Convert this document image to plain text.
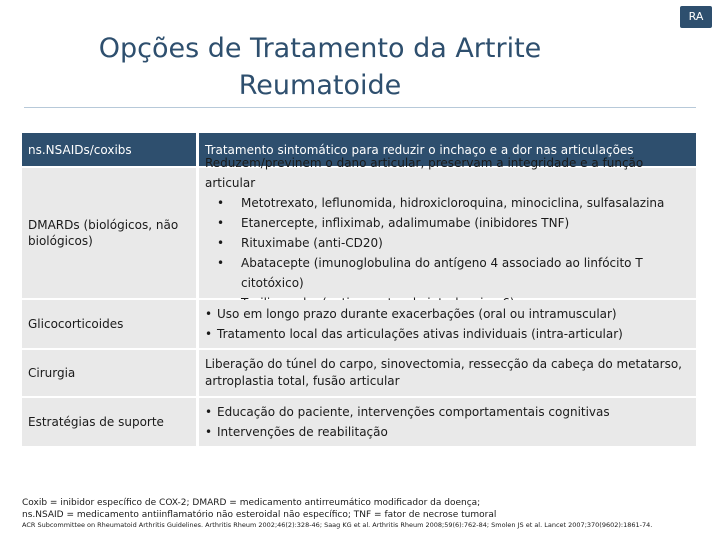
RA
Opções de Tratamento da Artrite
Reumatoide
ns.NSAIDs/coxibs	Tratamento sintomático para reduzir o inchaço e a dor nas articulações
DMARDs (biológicos, não biológicos)
Reduzem/previnem o dano articular, preservam a integridade e a função articular
• Metotrexato, leflunomida, hidroxicloroquina, minociclina, sulfasalazina
• Etanercepte, infliximab, adalimumabe (inibidores TNF)
• Rituximabe (anti-CD20)
• Abatacepte (imunoglobulina do antígeno 4 associado ao linfócito T citotóxico)
•
Glicocorticoides
• Uso em longo prazo durante exacerbações (oral ou intramuscular)
• Tratamento local das articulações ativas individuais (intra-articular)
Cirurgia
Liberação do túnel do carpo, sinovectomia, ressecção da cabeça do metatarso, artroplastia total, fusão articular
Estratégias de suporte
• Educação do paciente, intervenções comportamentais cognitivas
• Intervenções de reabilitação
Coxib = inibidor específico de COX-2; DMARD = medicamento antirreumático modificador da doença;
ns.NSAID = medicamento antiinflamatório não esteroidal não específico; TNF = fator de necrose tumoral
ACR Subcommittee on Rheumatoid Arthritis Guidelines. Arthritis Rheum 2002;46(2):328-46; Saag KG et al. Arthritis Rheum 2008;59(6):762-84; Smolen JS et al. Lancet 2007;370(9602):1861-74.
